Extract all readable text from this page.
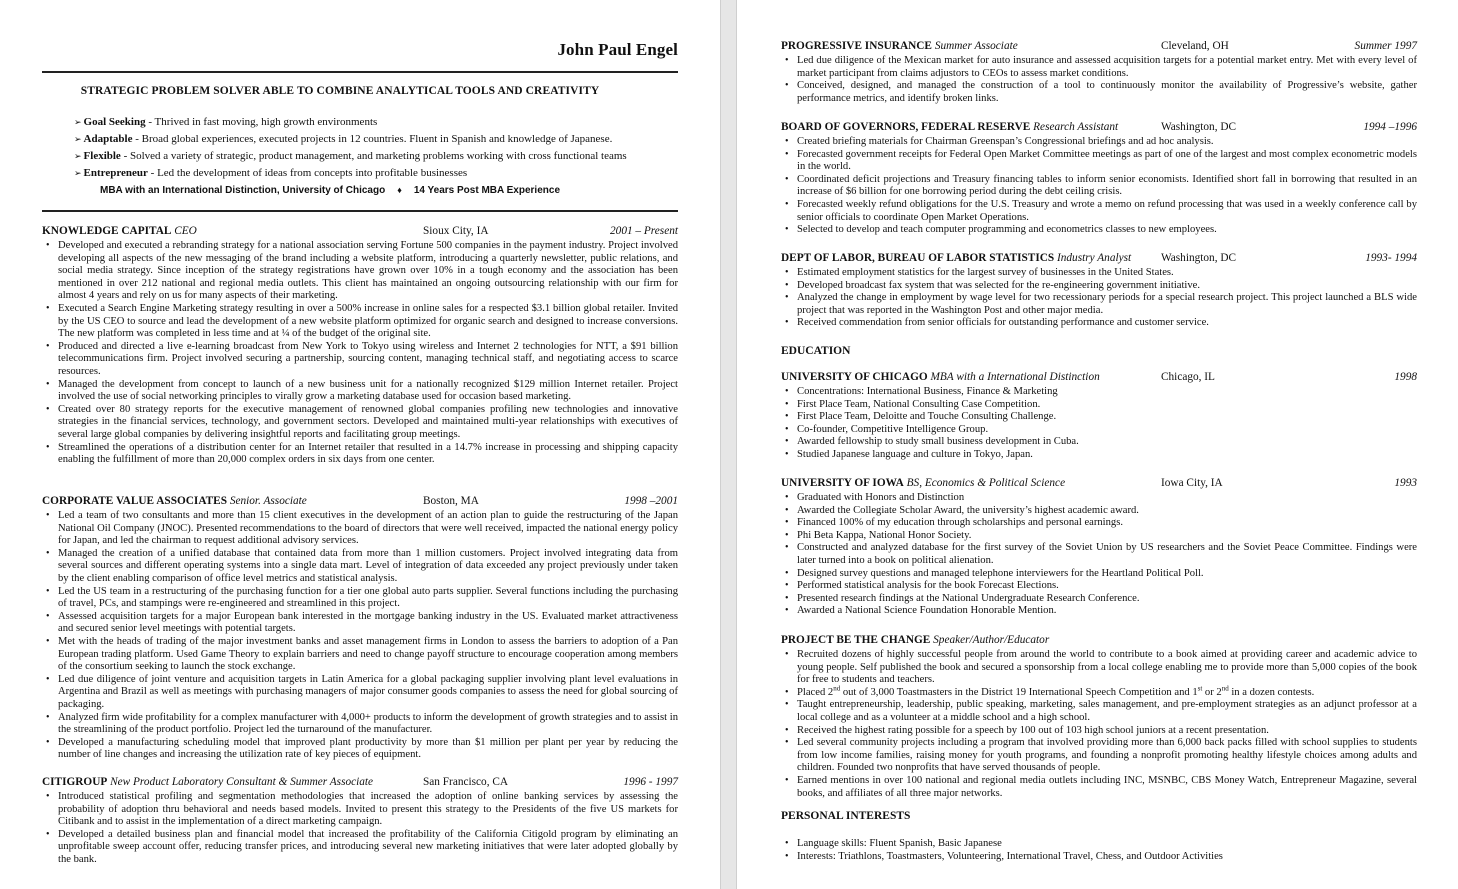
John Paul Engel
STRATEGIC PROBLEM SOLVER ABLE TO COMBINE ANALYTICAL TOOLS AND CREATIVITY
➢ Goal Seeking - Thrived in fast moving, high growth environments
➢ Adaptable - Broad global experiences, executed projects in 12 countries. Fluent in Spanish and knowledge of Japanese.
➢ Flexible - Solved a variety of strategic, product management, and marketing problems working with cross functional teams
➢ Entrepreneur - Led the development of ideas from concepts into profitable businesses
MBA with an International Distinction, University of Chicago ♦ 14 Years Post MBA Experience
KNOWLEDGE CAPITAL CEO	Sioux City, IA	2001 – Present
• Developed and executed a rebranding strategy for a national association serving Fortune 500 companies in the payment industry. Project involved developing all aspects of the new messaging of the brand including a website platform, introducing a quarterly newsletter, public relations, and social media strategy. Since inception of the strategy registrations have grown over 10% in a tough economy and the association has been mentioned in over 212 national and regional media outlets. This client has maintained an ongoing outsourcing relationship with our firm for almost 4 years and rely on us for many aspects of their marketing.
• Executed a Search Engine Marketing strategy resulting in over a 500% increase in online sales for a respected $3.1 billion global retailer. Invited by the US CEO to source and lead the development of a new website platform optimized for organic search and designed to increase conversions. The new platform was completed in less time and at ¼ of the budget of the original site.
• Produced and directed a live e-learning broadcast from New York to Tokyo using wireless and Internet 2 technologies for NTT, a $91 billion telecommunications firm. Project involved securing a partnership, sourcing content, managing technical staff, and negotiating access to scarce resources.
• Managed the development from concept to launch of a new business unit for a nationally recognized $129 million Internet retailer. Project involved the use of social networking principles to virally grow a marketing database used for occasion based marketing.
• Created over 80 strategy reports for the executive management of renowned global companies profiling new technologies and innovative strategies in the financial services, technology, and government sectors. Developed and maintained multi-year relationships with executives of several large global companies by delivering insightful reports and facilitating group meetings.
• Streamlined the operations of a distribution center for an Internet retailer that resulted in a 14.7% increase in processing and shipping capacity enabling the fulfillment of more than 20,000 complex orders in six days from one center.
CORPORATE VALUE ASSOCIATES Senior. Associate	Boston, MA	1998 –2001
• Led a team of two consultants and more than 15 client executives in the development of an action plan to guide the restructuring of the Japan National Oil Company (JNOC). Presented recommendations to the board of directors that were well received, impacted the national energy policy for Japan, and led the chairman to request additional advisory services.
• Managed the creation of a unified database that contained data from more than 1 million customers. Project involved integrating data from several sources and different operating systems into a single data mart. Level of integration of data exceeded any project previously under taken by the client enabling comparison of office level metrics and statistical analysis.
• Led the US team in a restructuring of the purchasing function for a tier one global auto parts supplier. Several functions including the purchasing of travel, PCs, and stampings were re-engineered and streamlined in this project.
• Assessed acquisition targets for a major European bank interested in the mortgage banking industry in the US. Evaluated market attractiveness and secured senior level meetings with potential targets.
• Met with the heads of trading of the major investment banks and asset management firms in London to assess the barriers to adoption of a Pan European trading platform. Used Game Theory to explain barriers and need to change payoff structure to encourage cooperation among members of the consortium seeking to launch the stock exchange.
• Led due diligence of joint venture and acquisition targets in Latin America for a global packaging supplier involving plant level evaluations in Argentina and Brazil as well as meetings with purchasing managers of major consumer goods companies to assess the need for global sourcing of packaging.
• Analyzed firm wide profitability for a complex manufacturer with 4,000+ products to inform the development of growth strategies and to assist in the streamlining of the product portfolio. Project led the turnaround of the manufacturer.
• Developed a manufacturing scheduling model that improved plant productivity by more than $1 million per plant per year by reducing the number of line changes and increasing the utilization rate of key pieces of equipment.
CITIGROUP New Product Laboratory Consultant & Summer Associate	San Francisco, CA	1996 - 1997
• Introduced statistical profiling and segmentation methodologies that increased the adoption of online banking services by assessing the probability of adoption thru behavioral and needs based models. Invited to present this strategy to the Presidents of the five US markets for Citibank and to assist in the implementation of a direct marketing campaign.
• Developed a detailed business plan and financial model that increased the profitability of the California Citigold program by eliminating an unprofitable sweep account offer, reducing transfer prices, and introducing several new marketing initiatives that were later adopted globally by the bank.
PROGRESSIVE INSURANCE Summer Associate	Cleveland, OH	Summer 1997
• Led due diligence of the Mexican market for auto insurance and assessed acquisition targets for a potential market entry. Met with every level of market participant from claims adjustors to CEOs to assess market conditions.
• Conceived, designed, and managed the construction of a tool to continuously monitor the availability of Progressive’s website, gather performance metrics, and identify broken links.
BOARD OF GOVERNORS, FEDERAL RESERVE Research Assistant	Washington, DC	1994 –1996
• Created briefing materials for Chairman Greenspan’s Congressional briefings and ad hoc analysis.
• Forecasted government receipts for Federal Open Market Committee meetings as part of one of the largest and most complex econometric models in the world.
• Coordinated deficit projections and Treasury financing tables to inform senior economists. Identified short fall in borrowing that resulted in an increase of $6 billion for one borrowing period during the debt ceiling crisis.
• Forecasted weekly refund obligations for the U.S. Treasury and wrote a memo on refund processing that was used in a weekly conference call by senior officials to coordinate Open Market Operations.
• Selected to develop and teach computer programming and econometrics classes to new employees.
DEPT OF LABOR, BUREAU OF LABOR STATISTICS Industry Analyst	Washington, DC	1993- 1994
• Estimated employment statistics for the largest survey of businesses in the United States.
• Developed broadcast fax system that was selected for the re-engineering government initiative.
• Analyzed the change in employment by wage level for two recessionary periods for a special research project. This project launched a BLS wide project that was reported in the Washington Post and other major media.
• Received commendation from senior officials for outstanding performance and customer service.
EDUCATION
UNIVERSITY OF CHICAGO MBA with a International Distinction	Chicago, IL	1998
• Concentrations: International Business, Finance & Marketing
• First Place Team, National Consulting Case Competition.
• First Place Team, Deloitte and Touche Consulting Challenge.
• Co-founder, Competitive Intelligence Group.
• Awarded fellowship to study small business development in Cuba.
• Studied Japanese language and culture in Tokyo, Japan.
UNIVERSITY OF IOWA BS, Economics & Political Science	Iowa City, IA	1993
• Graduated with Honors and Distinction
• Awarded the Collegiate Scholar Award, the university’s highest academic award.
• Financed 100% of my education through scholarships and personal earnings.
• Phi Beta Kappa, National Honor Society.
• Constructed and analyzed database for the first survey of the Soviet Union by US researchers and the Soviet Peace Committee. Findings were later turned into a book on political alienation.
• Designed survey questions and managed telephone interviewers for the Heartland Political Poll.
• Performed statistical analysis for the book Forecast Elections.
• Presented research findings at the National Undergraduate Research Conference.
• Awarded a National Science Foundation Honorable Mention.
PROJECT BE THE CHANGE Speaker/Author/Educator
• Recruited dozens of highly successful people from around the world to contribute to a book aimed at providing career and academic advice to young people. Self published the book and secured a sponsorship from a local college enabling me to provide more than 5,000 copies of the book for free to students and teachers.
• Placed 2nd out of 3,000 Toastmasters in the District 19 International Speech Competition and 1st or 2nd in a dozen contests.
• Taught entrepreneurship, leadership, public speaking, marketing, sales management, and pre-employment strategies as an adjunct professor at a local college and as a volunteer at a middle school and a high school.
• Received the highest rating possible for a speech by 100 out of 103 high school juniors at a recent presentation.
• Led several community projects including a program that involved providing more than 6,000 back packs filled with school supplies to students from low income families, raising money for youth programs, and founding a nonprofit promoting healthy lifestyle choices among adults and children. Founded two nonprofits that have served thousands of people.
• Earned mentions in over 100 national and regional media outlets including INC, MSNBC, CBS Money Watch, Entrepreneur Magazine, several books, and affiliates of all three major networks.
PERSONAL INTERESTS
• Language skills: Fluent Spanish, Basic Japanese
• Interests: Triathlons, Toastmasters, Volunteering, International Travel, Chess, and Outdoor Activities
